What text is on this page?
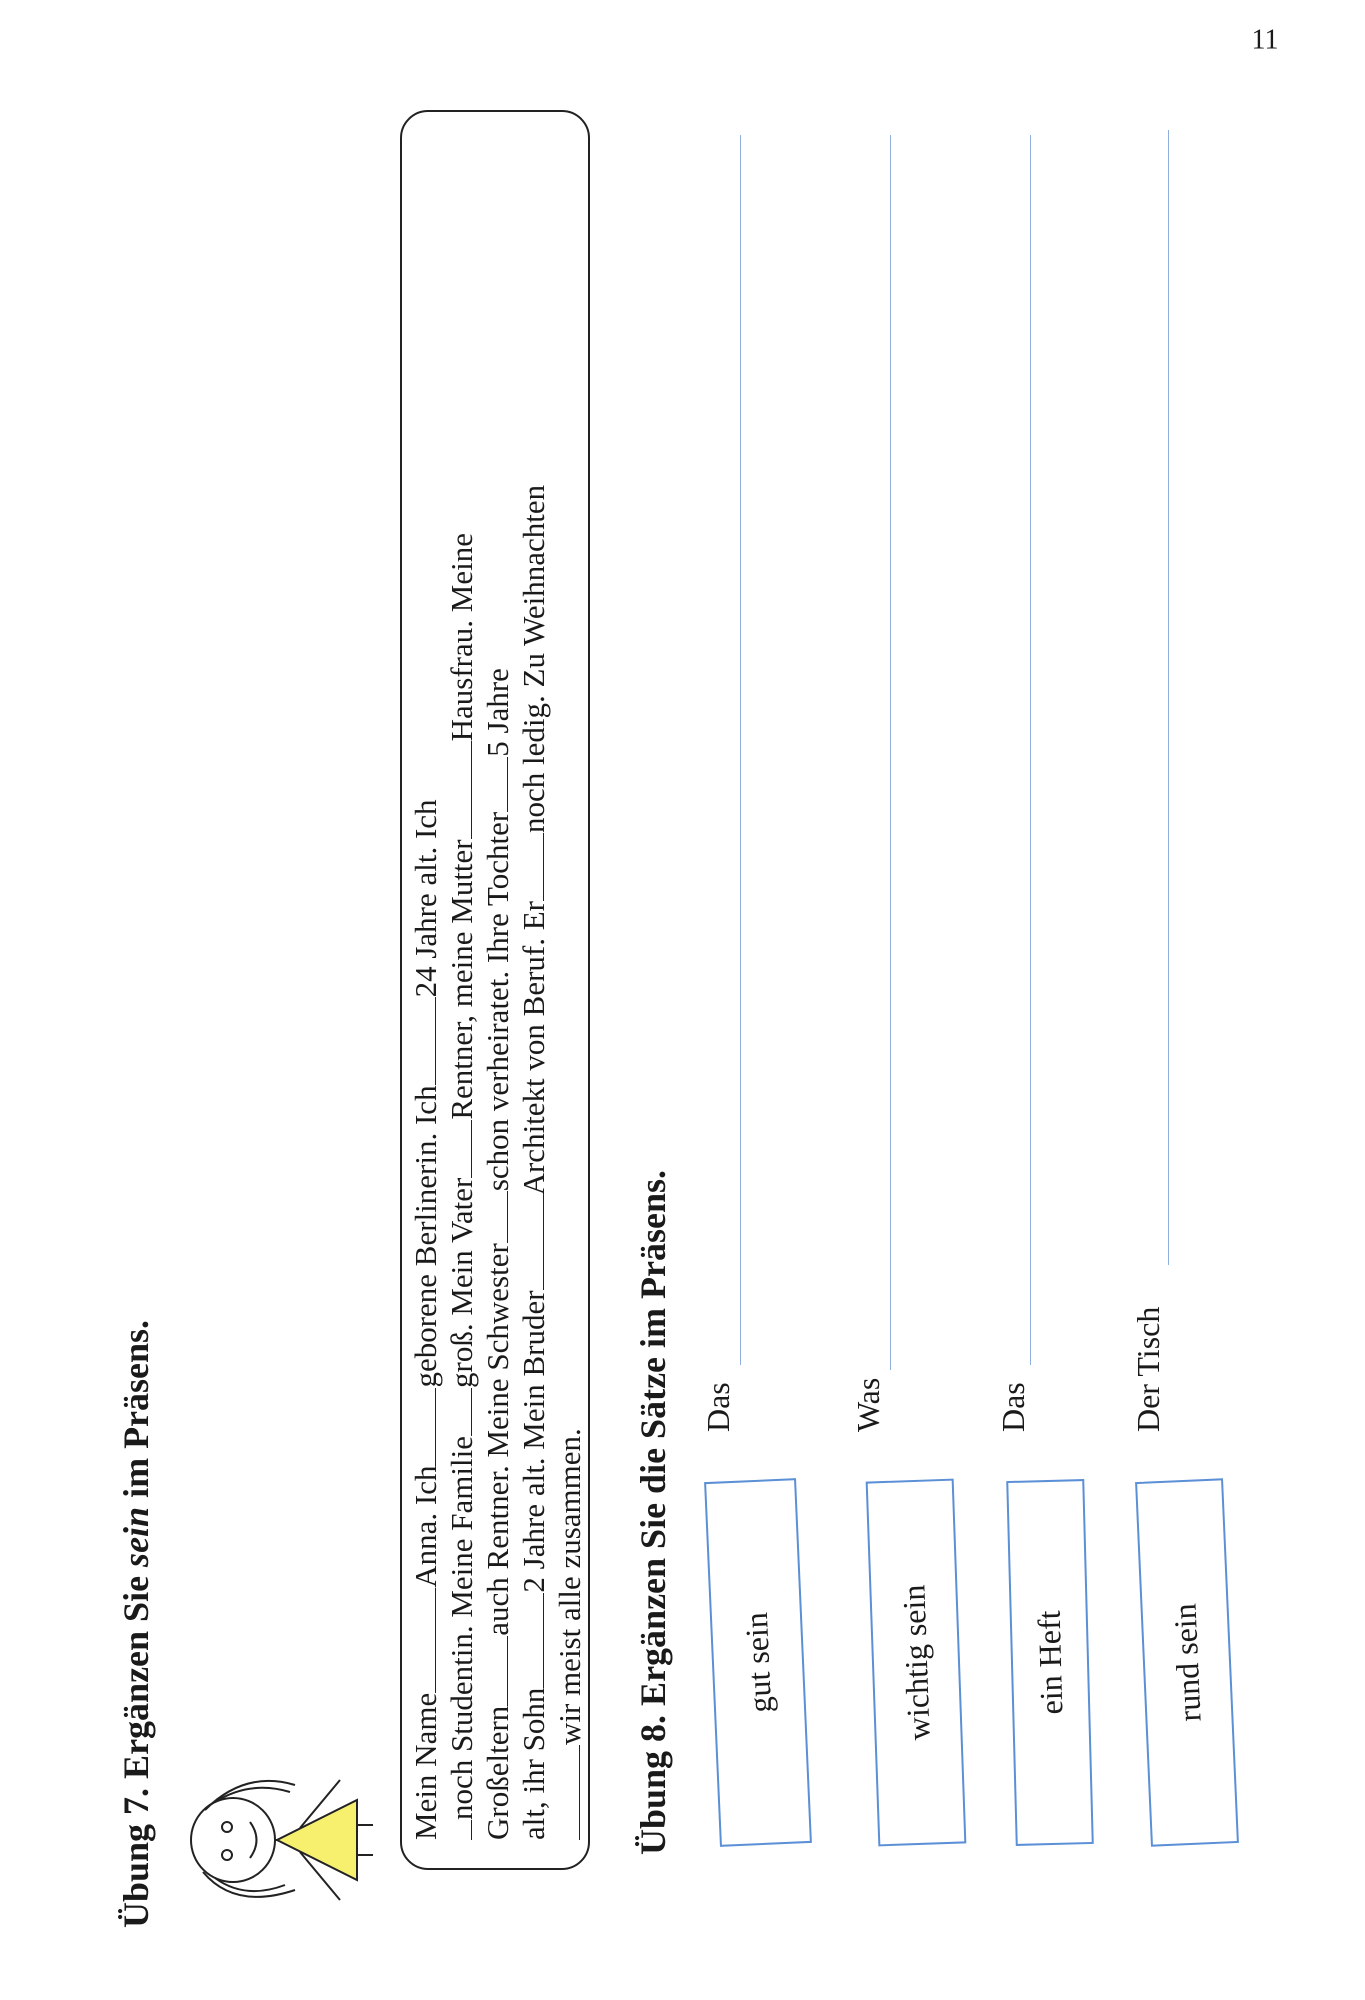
Übung 7. Ergänzen Sie sein im Präsens.
Mein NameAnna. Ichgeborene Berlinerin. Ich24 Jahre alt. Ich
noch Studentin. Meine Familiegroß. Mein VaterRentner, meine MutterHausfrau. Meine
Großelternauch Rentner. Meine Schwesterschon verheiratet. Ihre Tochter5 Jahre
alt, ihr Sohn2 Jahre alt. Mein BruderArchitekt von Beruf. Ernoch ledig. Zu Weihnachten
wir meist alle zusammen. Übung 8. Ergänzen Sie die Sätze im Präsens. Das	Was	Das	Der Tisch
gut sein	wichtig sein	ein Heft	rund sein
11
